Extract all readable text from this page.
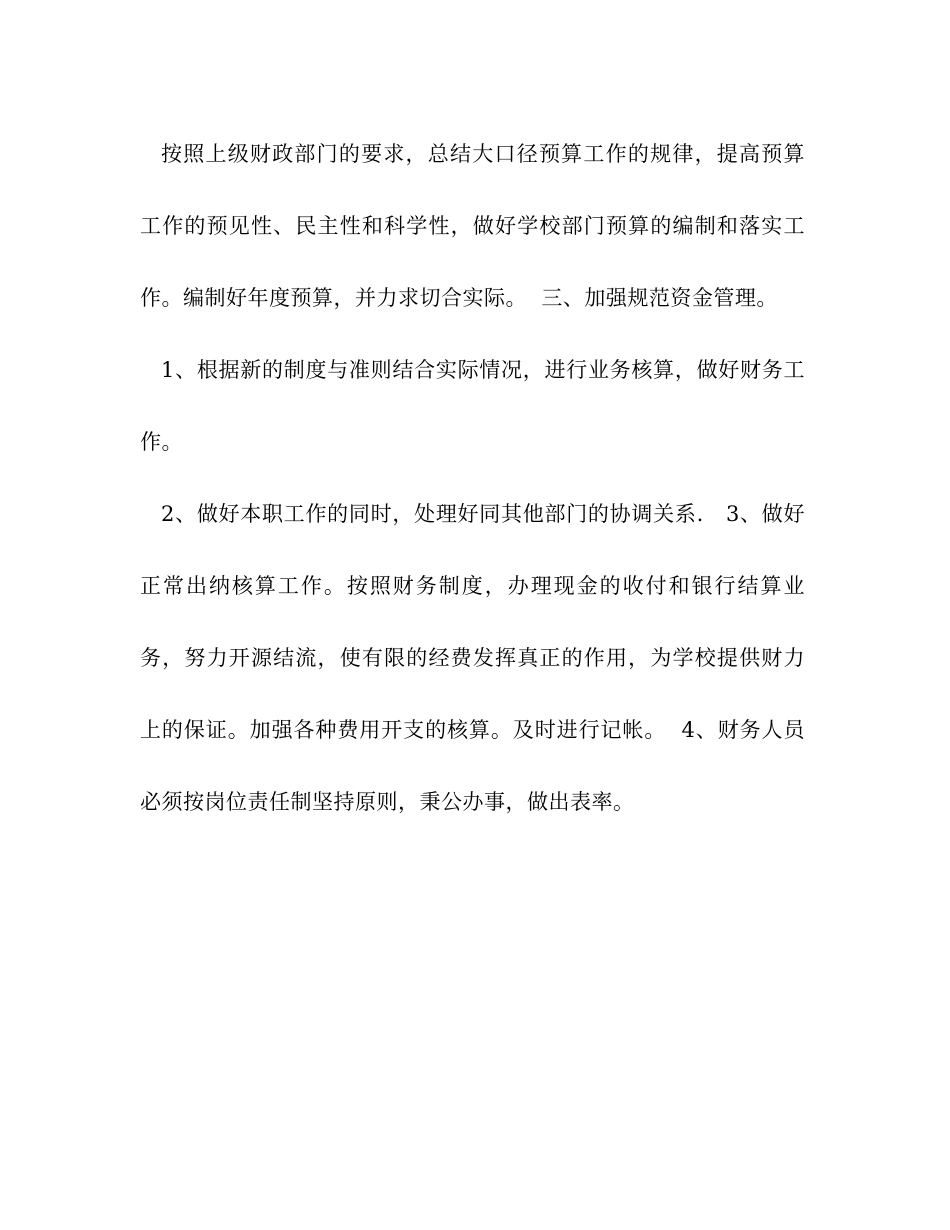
按照上级财政部门的要求，总结大口径预算工作的规律，提高预算工作的预见性、民主性和科学性，做好学校部门预算的编制和落实工作。编制好年度预算，并力求切合实际。  三、加强规范资金管理。

1、根据新的制度与准则结合实际情况，进行业务核算，做好财务工作。

2、做好本职工作的同时，处理好同其他部门的协调关系.   3、做好正常出纳核算工作。按照财务制度，办理现金的收付和银行结算业务，努力开源结流，使有限的经费发挥真正的作用，为学校提供财力上的保证。加强各种费用开支的核算。及时进行记帐。  4、财务人员必须按岗位责任制坚持原则，秉公办事，做出表率。
